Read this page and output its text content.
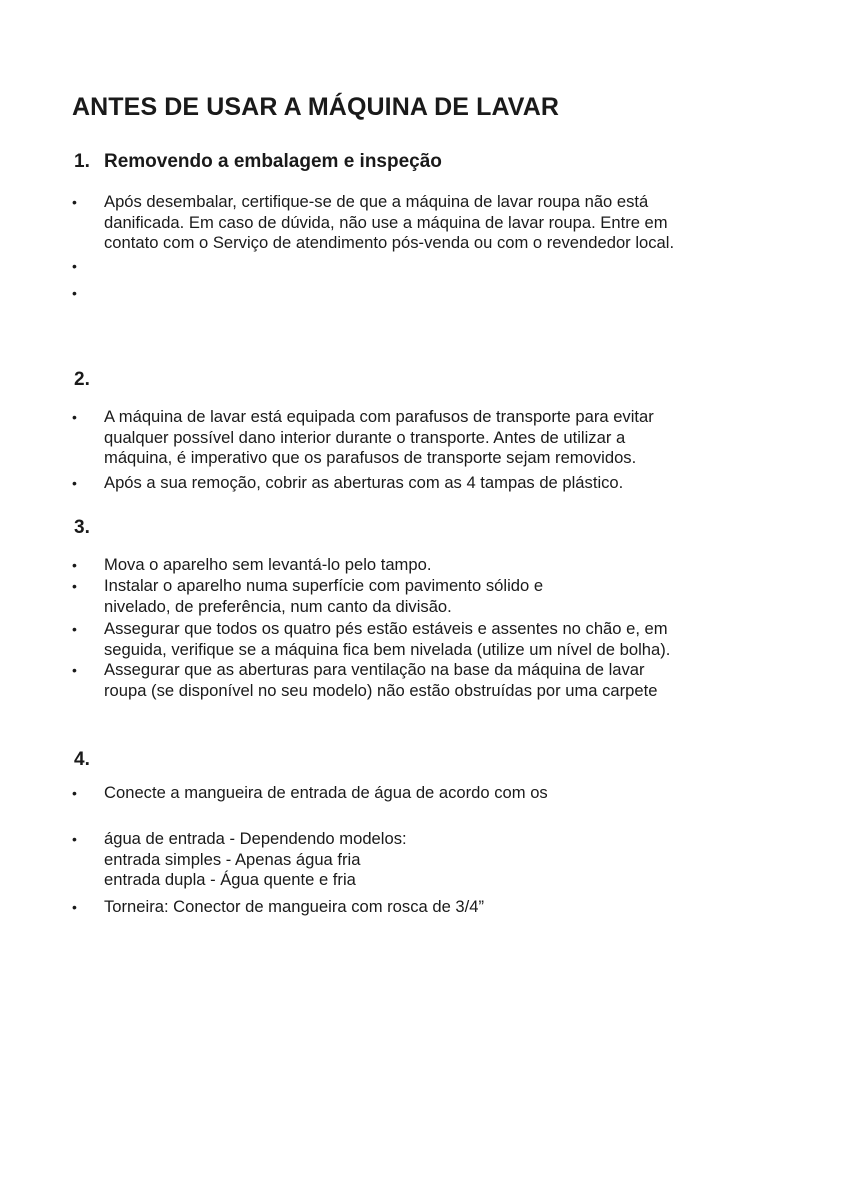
ANTES DE USAR A MÁQUINA DE LAVAR
1. Removendo a embalagem e inspeção
•	Após desembalar, certifique-se de que a máquina de lavar roupa não está
danificada. Em caso de dúvida, não use a máquina de lavar roupa. Entre em
contato com o Serviço de atendimento pós-venda ou com o revendedor local.
•
•
2.
•	A máquina de lavar está equipada com parafusos de transporte para evitar
qualquer possível dano interior durante o transporte. Antes de utilizar a
máquina, é imperativo que os parafusos de transporte sejam removidos.
•	Após a sua remoção, cobrir as aberturas com as 4 tampas de plástico.
3.
•	Mova o aparelho sem levantá-lo pelo tampo.
•	Instalar o aparelho numa superfície com pavimento sólido e
nivelado, de preferência, num canto da divisão.
•	Assegurar que todos os quatro pés estão estáveis e assentes no chão e, em
seguida, verifique se a máquina fica bem nivelada (utilize um nível de bolha).
•	Assegurar que as aberturas para ventilação na base da máquina de lavar
roupa (se disponível no seu modelo) não estão obstruídas por uma carpete
4.
•	Conecte a mangueira de entrada de água de acordo com os
•	água de entrada - Dependendo modelos:
entrada simples - Apenas água fria
entrada dupla - Água quente e fria
•	Torneira: Conector de mangueira com rosca de 3/4”
